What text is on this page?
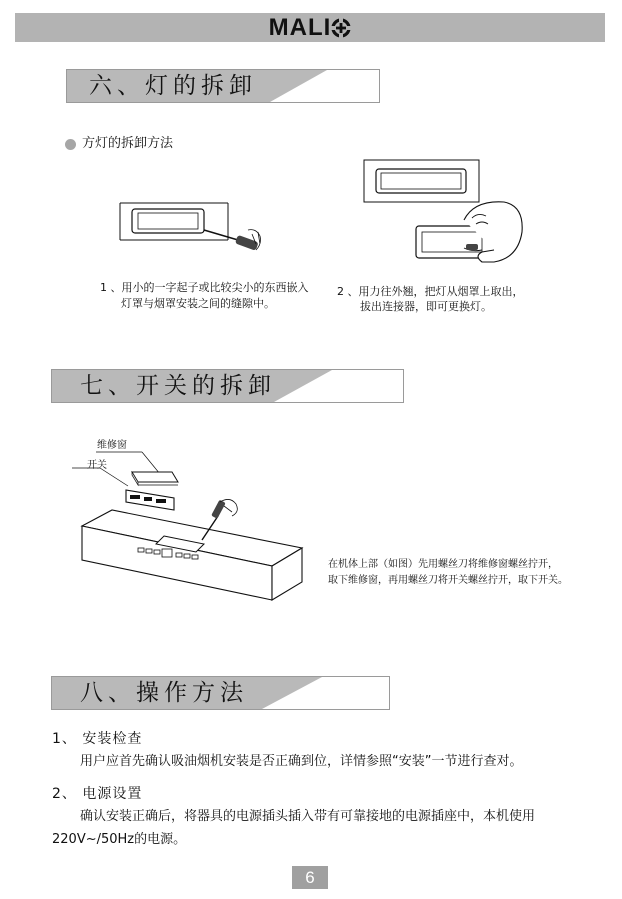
MALI
六、灯的拆卸
方灯的拆卸方法
1 、用小的一字起子或比较尖小的东西嵌入
灯罩与烟罩安装之间的缝隙中。
2 、用力往外翘，把灯从烟罩上取出，
拔出连接器，即可更换灯。
七、开关的拆卸
维修窗
开关
在机体上部（如图）先用螺丝刀将维修窗螺丝拧开，
取下维修窗，再用螺丝刀将开关螺丝拧开，取下开关。
八、操作方法
1、 安装检查
用户应首先确认吸油烟机安装是否正确到位，详情参照“安装”一节进行查对。
2、 电源设置
确认安装正确后，将器具的电源插头插入带有可靠接地的电源插座中，本机使用
220V~/50Hz的电源。
6
